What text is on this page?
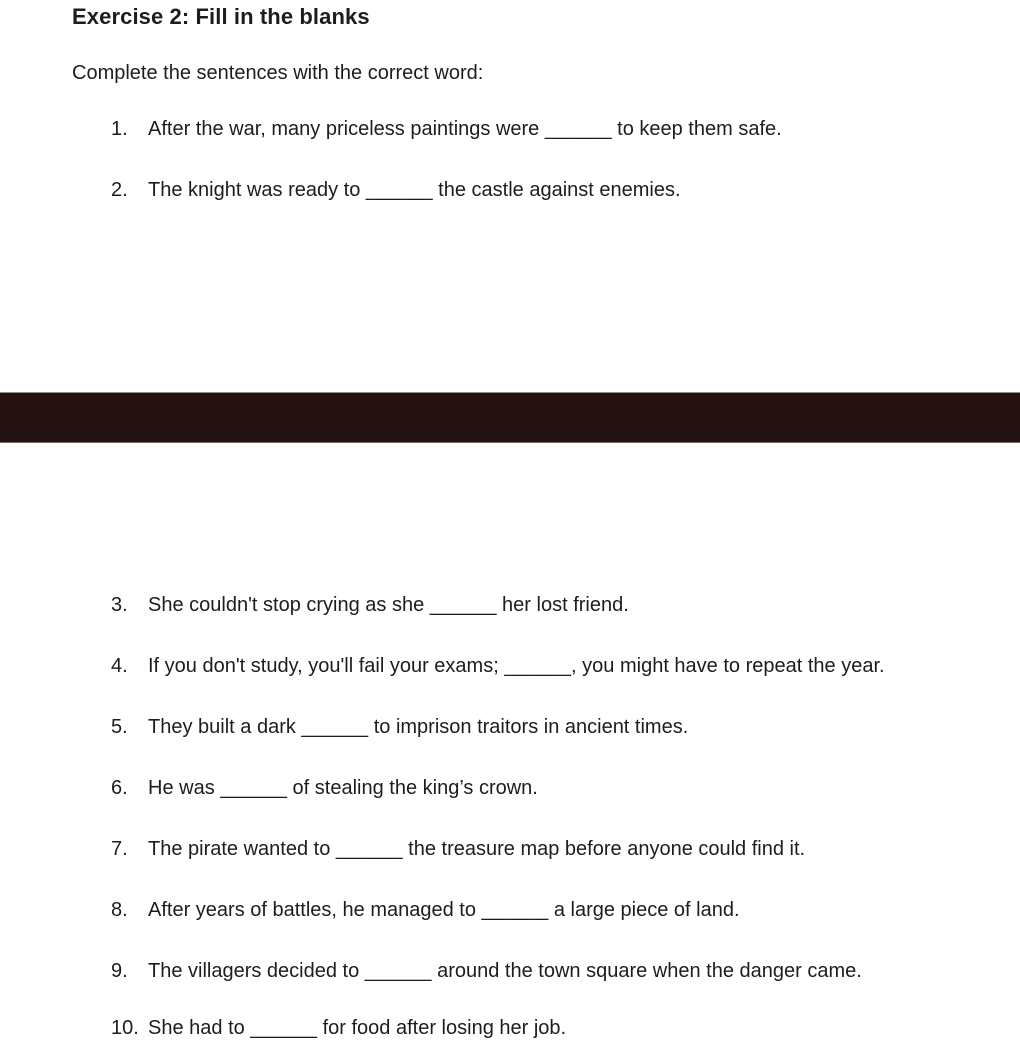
Exercise 2: Fill in the blanks
Complete the sentences with the correct word:
1. After the war, many priceless paintings were ______ to keep them safe.
2. The knight was ready to ______ the castle against enemies.
3. She couldn't stop crying as she ______ her lost friend.
4. If you don't study, you'll fail your exams; ______, you might have to repeat the year.
5. They built a dark ______ to imprison traitors in ancient times.
6. He was ______ of stealing the king’s crown.
7. The pirate wanted to ______ the treasure map before anyone could find it.
8. After years of battles, he managed to ______ a large piece of land.
9. The villagers decided to ______ around the town square when the danger came.
10. She had to ______ for food after losing her job.
